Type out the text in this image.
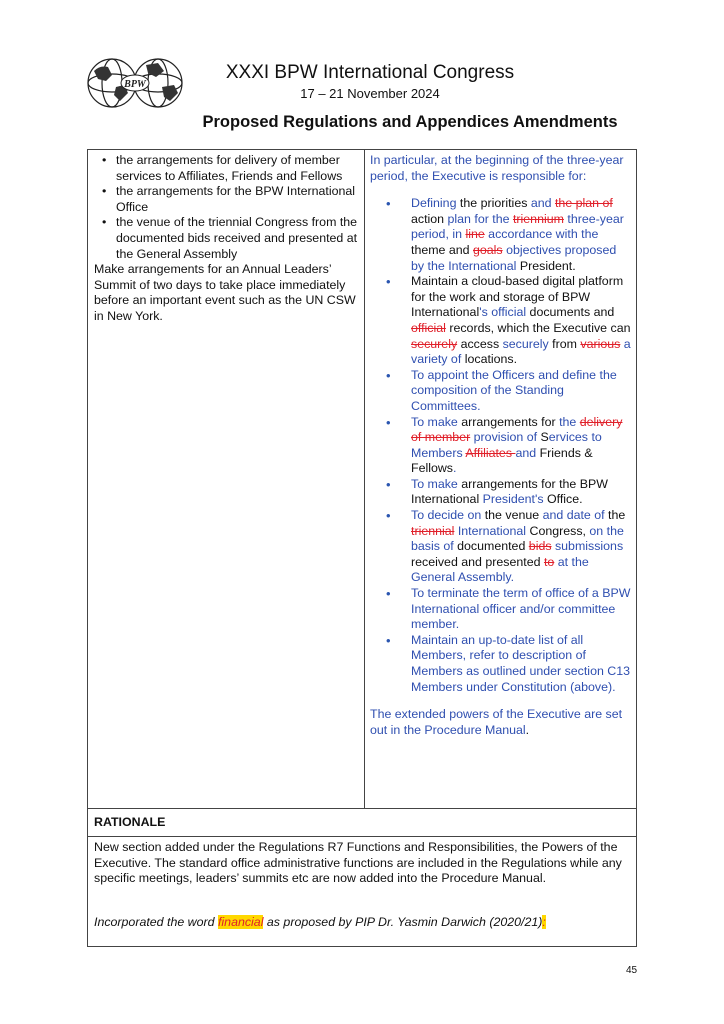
BPW
XXXI BPW International Congress
17 – 21 November 2024
Proposed Regulations and Appendices Amendments
• the arrangements for delivery of member services to Affiliates, Friends and Fellows
• the arrangements for the BPW International Office
• the venue of the triennial Congress from the documented bids received and presented at the General Assembly

Make arrangements for an Annual Leaders’ Summit of two days to take place immediately before an important event such as the UN CSW in New York.

In particular, at the beginning of the three-year period, the Executive is responsible for:

• Defining the priorities and the plan of action plan for the triennium three-year period, in line accordance with the theme and goals objectives proposed by the International President.
• Maintain a cloud-based digital platform for the work and storage of BPW International's official documents and official records, which the Executive can securely access securely from various a variety of locations.
• To appoint the Officers and define the composition of the Standing Committees.
• To make arrangements for the delivery of member provision of Services to Members Affiliates and Friends & Fellows.
• To make arrangements for the BPW International President's Office.
• To decide on the venue and date of the triennial International Congress, on the basis of documented bids submissions received and presented to at the General Assembly.
• To terminate the term of office of a BPW International officer and/or committee member.
• Maintain an up-to-date list of all Members, refer to description of Members as outlined under section C13 Members under Constitution (above).

The extended powers of the Executive are set out in the Procedure Manual.

RATIONALE

New section added under the Regulations R7 Functions and Responsibilities, the Powers of the Executive. The standard office administrative functions are included in the Regulations while any specific meetings, leaders’ summits etc are now added into the Procedure Manual.

Incorporated the word financial as proposed by PIP Dr. Yasmin Darwich (2020/21):

45
